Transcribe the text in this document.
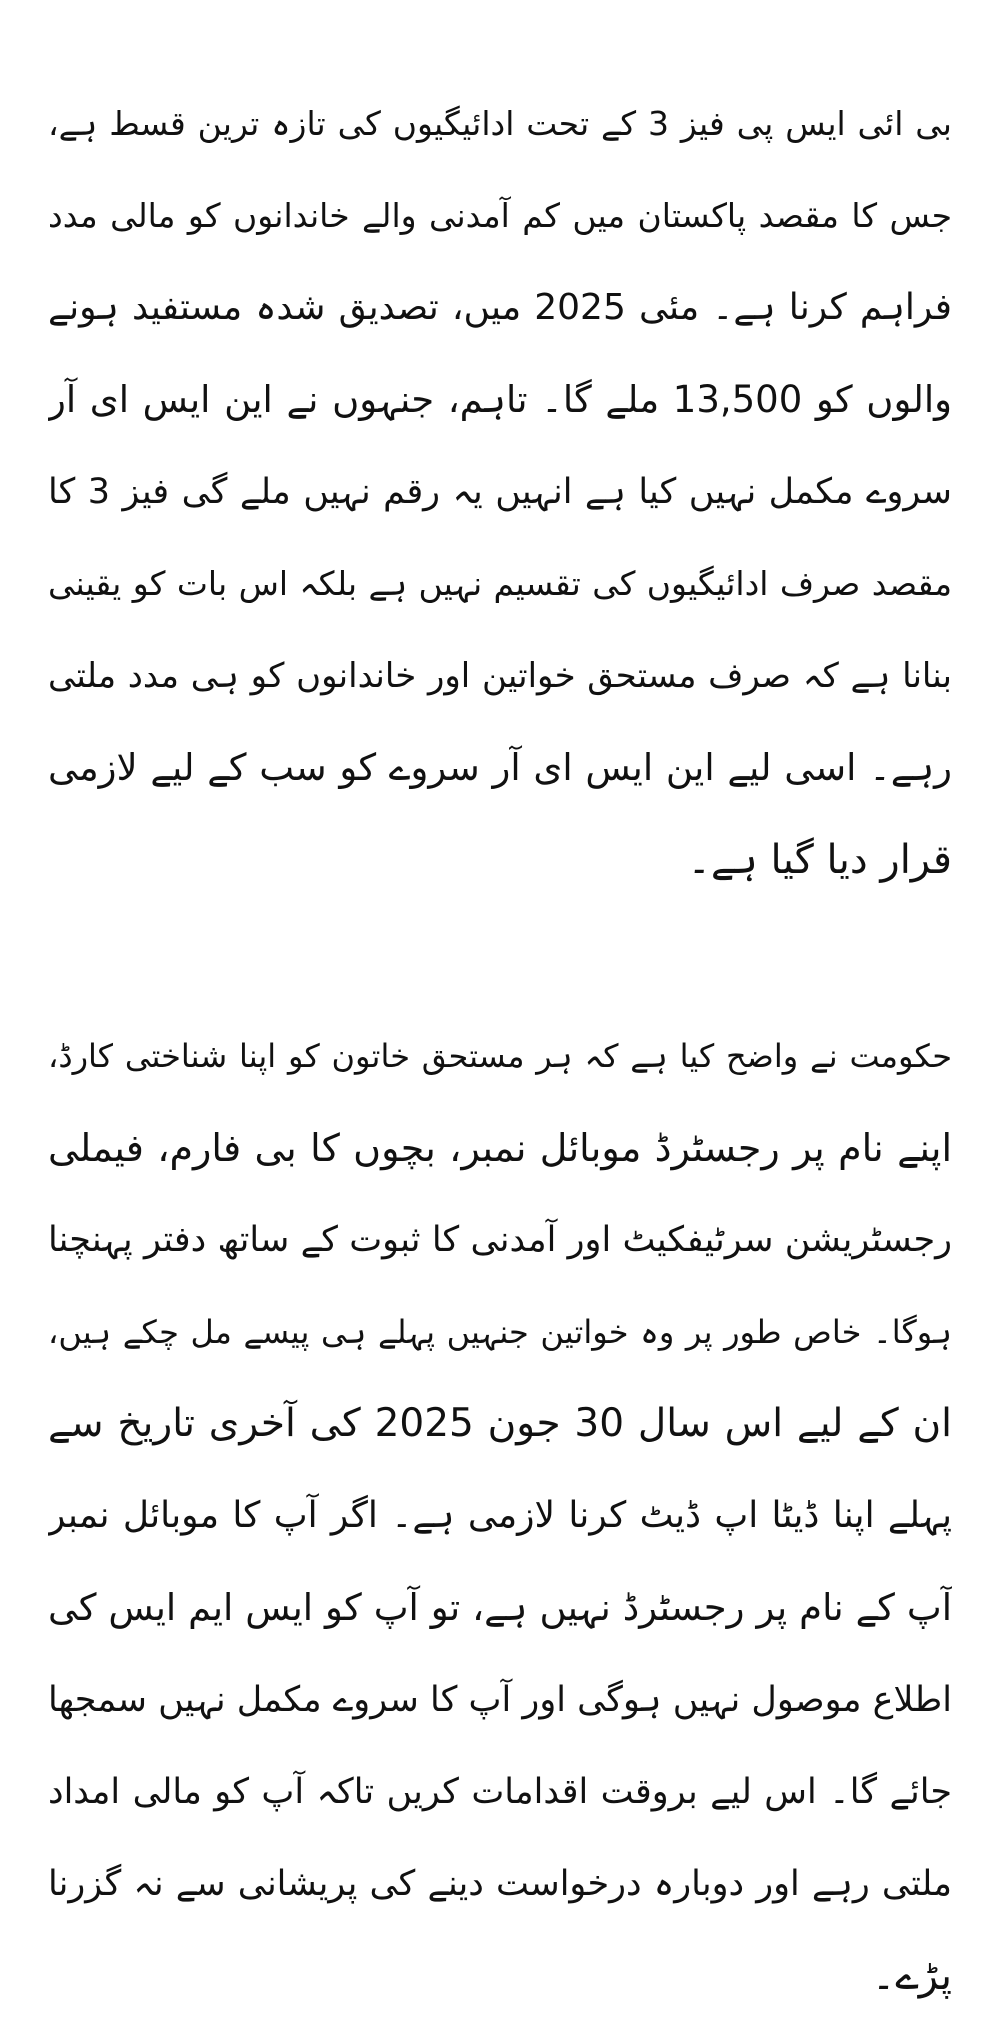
بی ائی ایس پی فیز 3 کے تحت ادائیگیوں کی تازہ ترین قسط ہے،
جس کا مقصد پاکستان میں کم آمدنی والے خاندانوں کو مالی مدد
فراہم کرنا ہے۔ مئی 2025 میں، تصدیق شدہ مستفید ہونے
والوں کو 13,500 ملے گا۔ تاہم، جنہوں نے این ایس ای آر
سروے مکمل نہیں کیا ہے انہیں یہ رقم نہیں ملے گی فیز 3 کا
مقصد صرف ادائیگیوں کی تقسیم نہیں ہے بلکہ اس بات کو یقینی
بنانا ہے کہ صرف مستحق خواتین اور خاندانوں کو ہی مدد ملتی
رہے۔ اسی لیے این ایس ای آر سروے کو سب کے لیے لازمی
قرار دیا گیا ہے۔
حکومت نے واضح کیا ہے کہ ہر مستحق خاتون کو اپنا شناختی کارڈ،
اپنے نام پر رجسٹرڈ موبائل نمبر، بچوں کا بی فارم، فیملی
رجسٹریشن سرٹیفکیٹ اور آمدنی کا ثبوت کے ساتھ دفتر پہنچنا
ہوگا۔ خاص طور پر وہ خواتین جنہیں پہلے ہی پیسے مل چکے ہیں،
ان کے لیے اس سال 30 جون 2025 کی آخری تاریخ سے
پہلے اپنا ڈیٹا اپ ڈیٹ کرنا لازمی ہے۔ اگر آپ کا موبائل نمبر
آپ کے نام پر رجسٹرڈ نہیں ہے، تو آپ کو ایس ایم ایس کی
اطلاع موصول نہیں ہوگی اور آپ کا سروے مکمل نہیں سمجھا
جائے گا۔ اس لیے بروقت اقدامات کریں تاکہ آپ کو مالی امداد
ملتی رہے اور دوبارہ درخواست دینے کی پریشانی سے نہ گزرنا
پڑے۔
